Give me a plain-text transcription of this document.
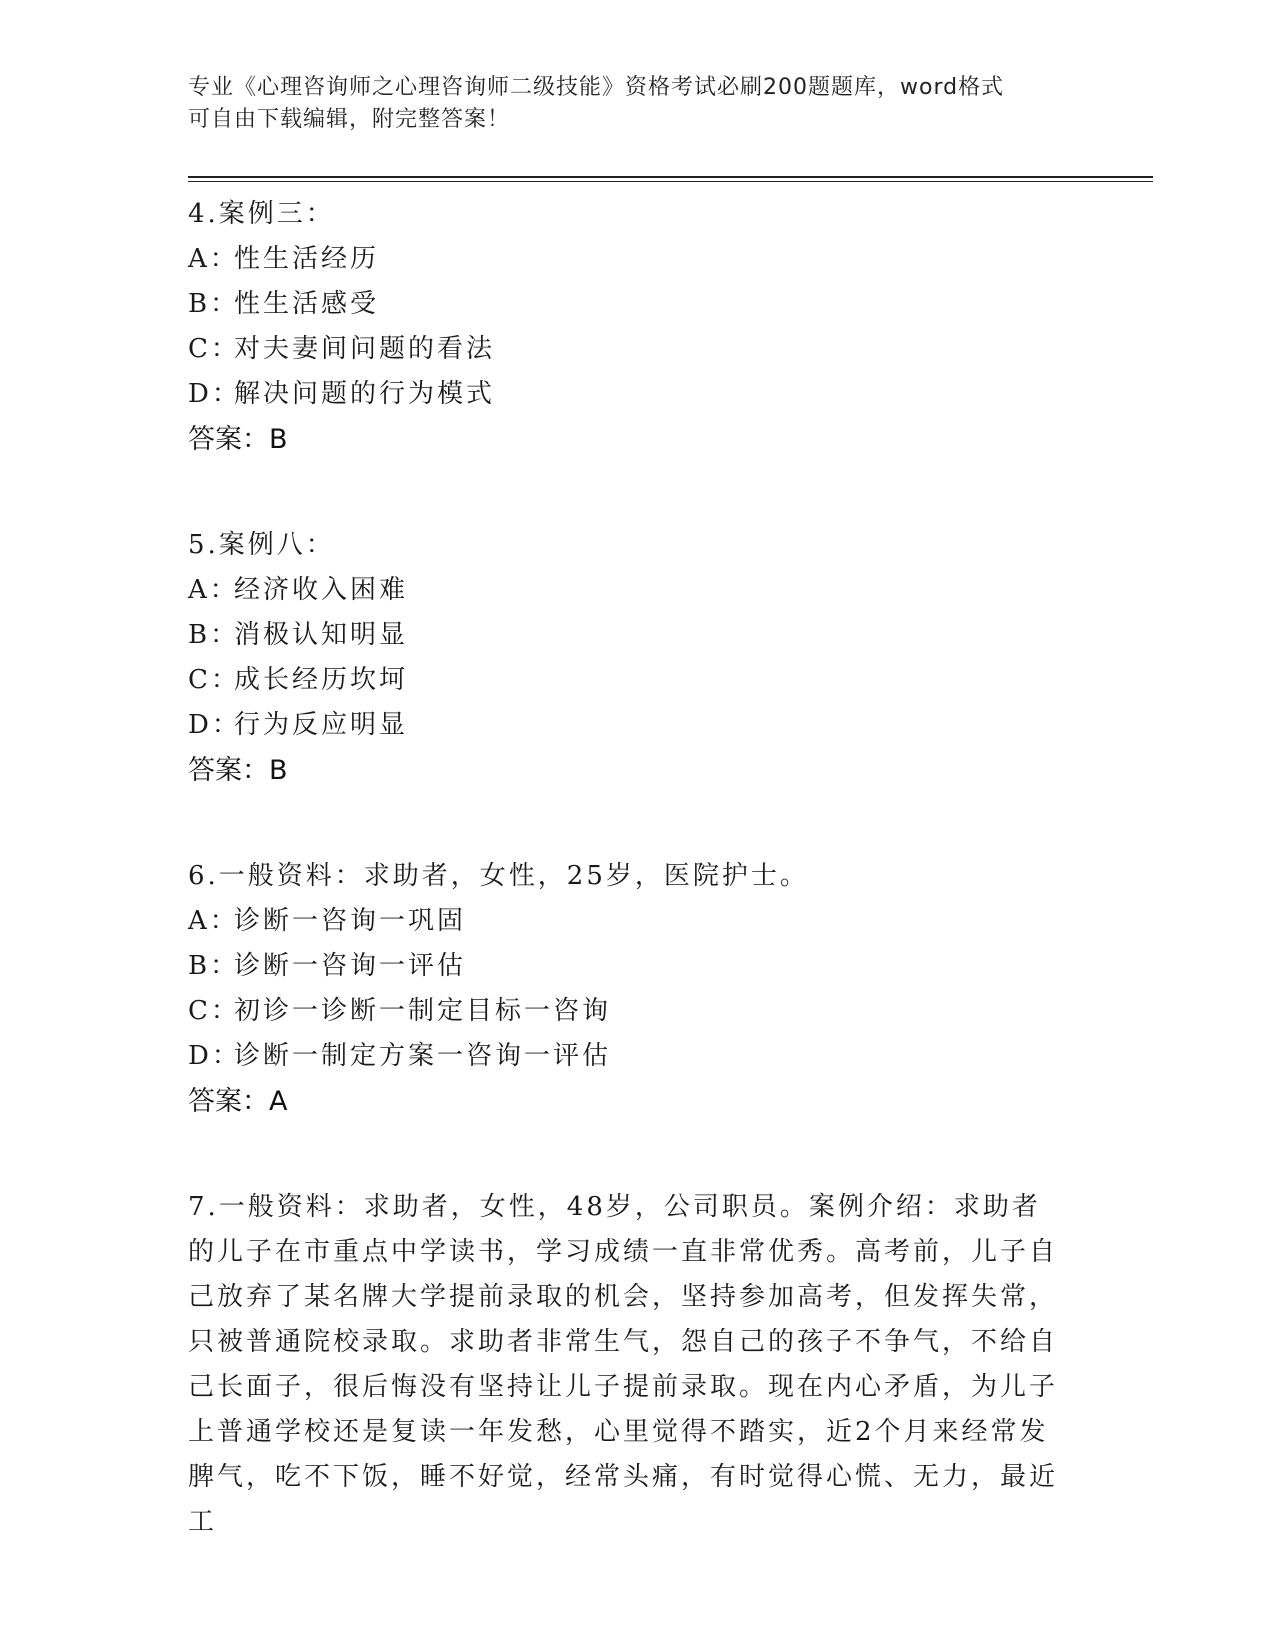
专业《心理咨询师之心理咨询师二级技能》资格考试必刷200题题库，word格式
可自由下载编辑，附完整答案！

4.案例三：

A：性生活经历

B：性生活感受

C：对夫妻间问题的看法

D：解决问题的行为模式

答案：B

5.案例八：

A：经济收入困难

B：消极认知明显

C：成长经历坎坷

D：行为反应明显

答案：B

6.一般资料：求助者，女性，25岁，医院护士。

A：诊断一咨询一巩固

B：诊断一咨询一评估

C：初诊一诊断一制定目标一咨询

D：诊断一制定方案一咨询一评估

答案：A

7.一般资料：求助者，女性，48岁，公司职员。案例介绍：求助者的儿子在市重点中学读书，学习成绩一直非常优秀。高考前，儿子自己放弃了某名牌大学提前录取的机会，坚持参加高考，但发挥失常，只被普通院校录取。求助者非常生气，怨自己的孩子不争气，不给自己长面子，很后悔没有坚持让儿子提前录取。现在内心矛盾，为儿子上普通学校还是复读一年发愁，心里觉得不踏实，近2个月来经常发脾气，吃不下饭，睡不好觉，经常头痛，有时觉得心慌、无力，最近工
